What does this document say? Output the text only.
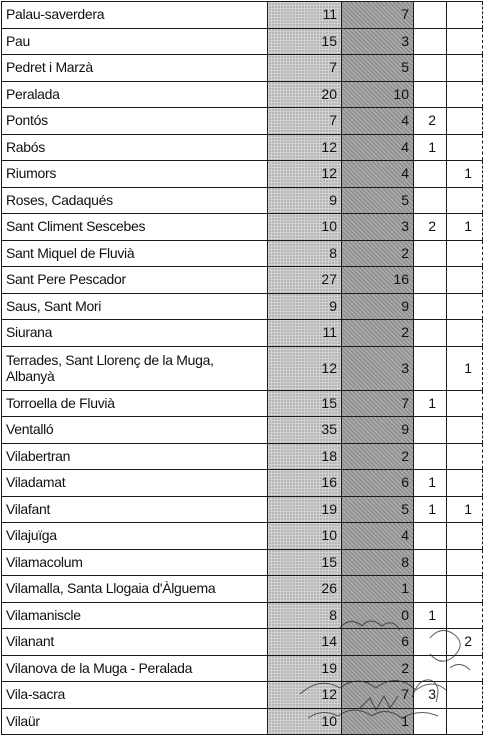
Palau-saverdera	11	7		
Pau	15	3		
Pedret i Marzà	7	5		
Peralada	20	10		
Pontós	7	4	2	
Rabós	12	4	1	
Riumors	12	4		1
Roses, Cadaqués	9	5		
Sant Climent Sescebes	10	3	2	1
Sant Miquel de Fluvià	8	2		
Sant Pere Pescador	27	16		
Saus, Sant Mori	9	9		
Siurana	11	2		
Terrades, Sant Llorenç de la Muga, Albanyà	12	3		1
Torroella de Fluvià	15	7	1	
Ventalló	35	9		
Vilabertran	18	2		
Viladamat	16	6	1	
Vilafant	19	5	1	1
Vilajuïga	10	4		
Vilamacolum	15	8		
Vilamalla, Santa Llogaia d'Àlguema	26	1		
Vilamaniscle	8	0	1	
Vilanant	14	6		2
Vilanova de la Muga - Peralada	19	2		
Vila-sacra	12	7	3	
Vilaür	10	1		
